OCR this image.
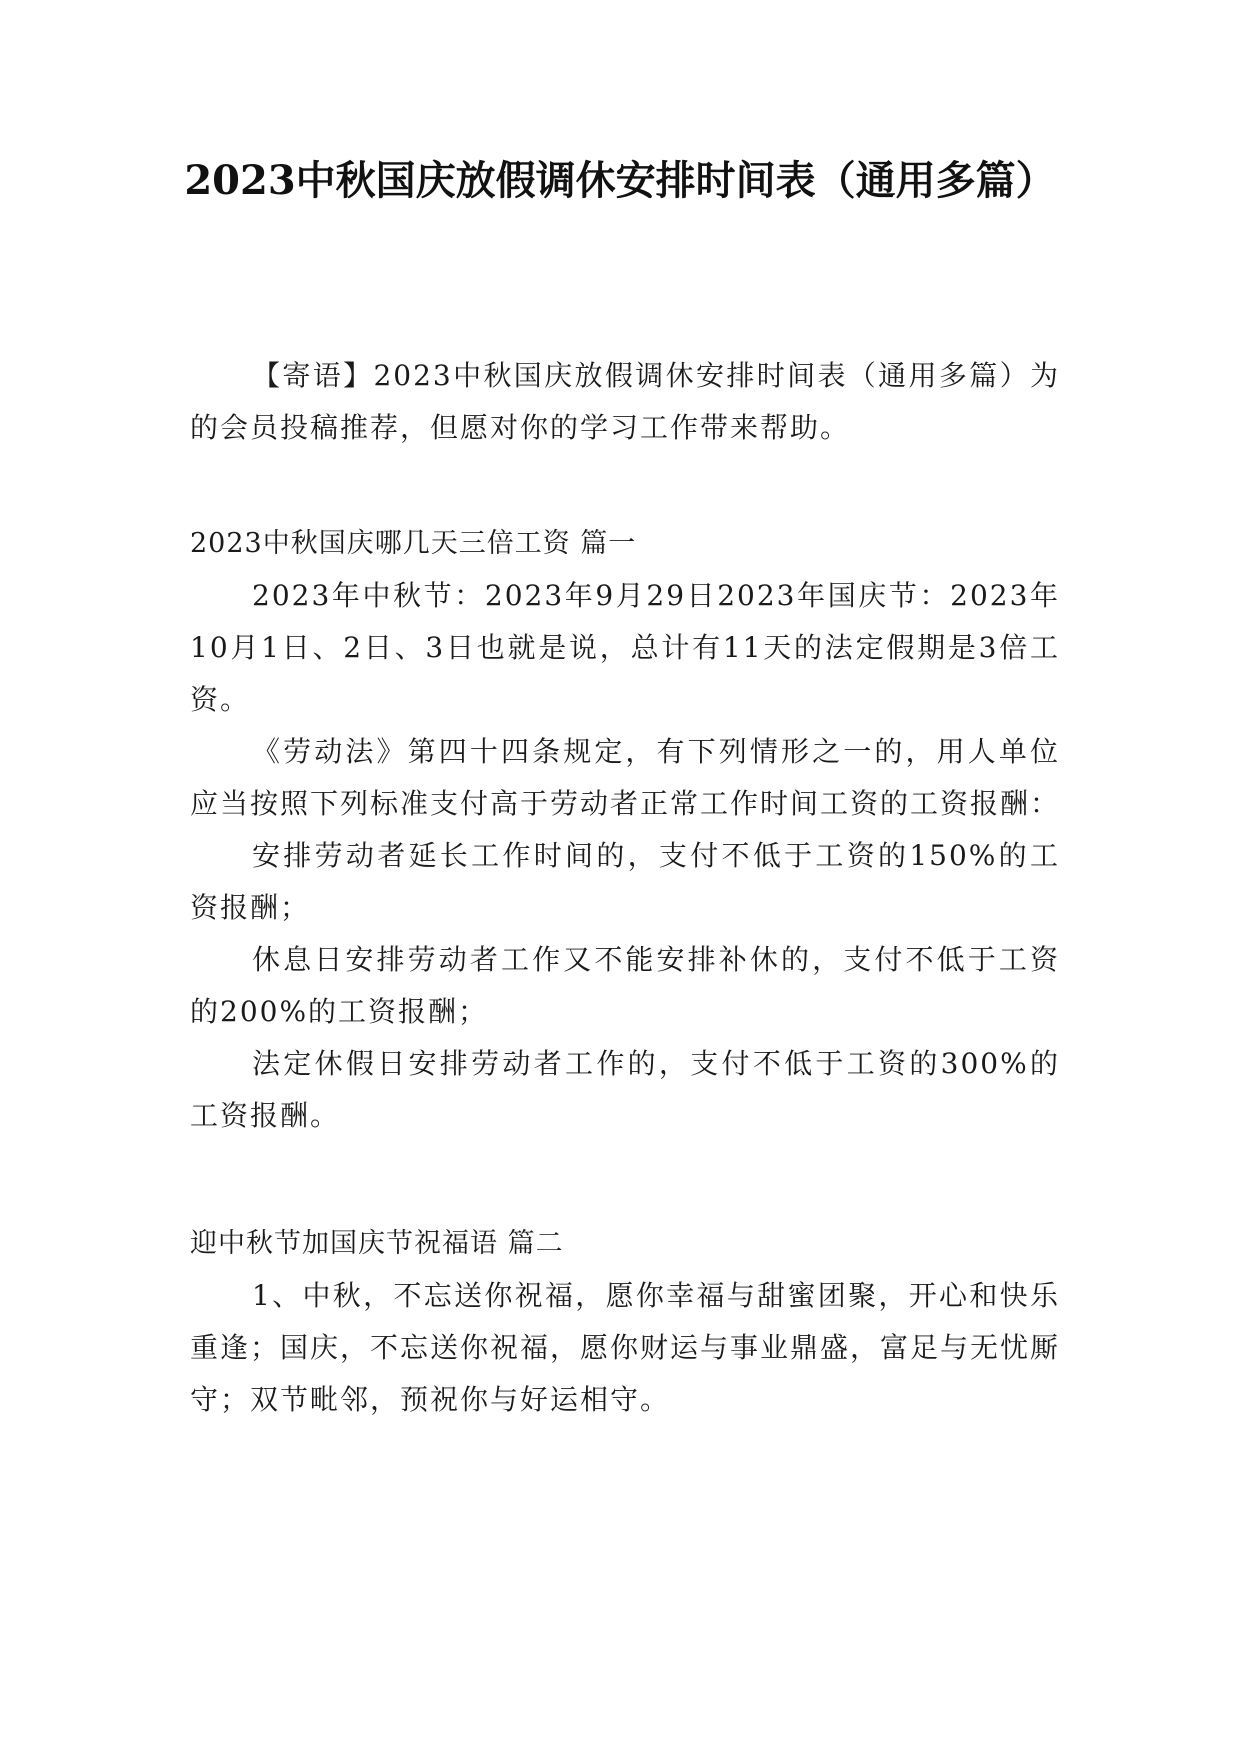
2023中秋国庆放假调休安排时间表（通用多篇）

【寄语】2023中秋国庆放假调休安排时间表（通用多篇）为的会员投稿推荐，但愿对你的学习工作带来帮助。

2023中秋国庆哪几天三倍工资 篇一

2023年中秋节：2023年9月29日2023年国庆节：2023年10月1日、2日、3日也就是说，总计有11天的法定假期是3倍工资。

《劳动法》第四十四条规定，有下列情形之一的，用人单位应当按照下列标准支付高于劳动者正常工作时间工资的工资报酬：

安排劳动者延长工作时间的，支付不低于工资的150%的工资报酬；

休息日安排劳动者工作又不能安排补休的，支付不低于工资的200%的工资报酬；

法定休假日安排劳动者工作的，支付不低于工资的300%的工资报酬。

迎中秋节加国庆节祝福语 篇二

1、中秋，不忘送你祝福，愿你幸福与甜蜜团聚，开心和快乐重逢；国庆，不忘送你祝福，愿你财运与事业鼎盛，富足与无忧厮守；双节毗邻，预祝你与好运相守。
